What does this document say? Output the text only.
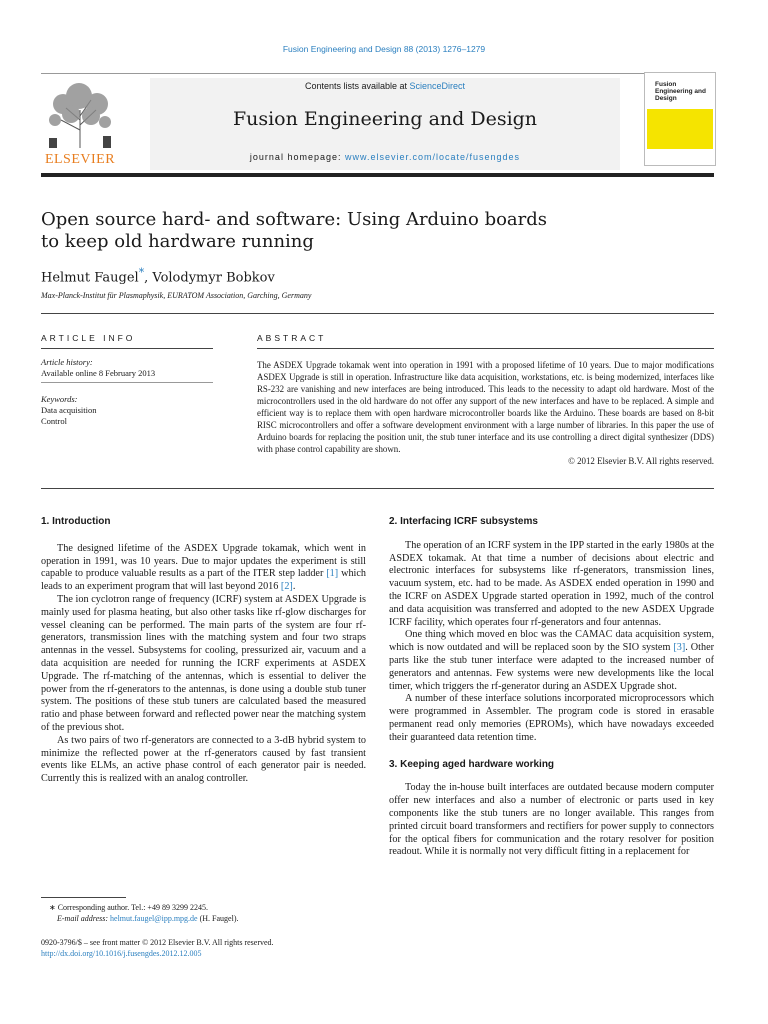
Fusion Engineering and Design 88 (2013) 1276–1279
ELSEVIER
Contents lists available at ScienceDirect
Fusion Engineering and Design
journal homepage: www.elsevier.com/locate/fusengdes
Fusion Engineering and Design
Open source hard- and software: Using Arduino boards
to keep old hardware running
Helmut Faugel*, Volodymyr Bobkov
Max-Planck-Institut für Plasmaphysik, EURATOM Association, Garching, Germany
ARTICLE INFO	ABSTRACT
Article history:
Available online 8 February 2013
Keywords:
Data acquisition
Control
The ASDEX Upgrade tokamak went into operation in 1991 with a proposed lifetime of 10 years. Due to major modifications ASDEX Upgrade is still in operation. Infrastructure like data acquisition, workstations, etc. is being modernized, interfaces like RS-232 are vanishing and new interfaces are being introduced. This leads to the necessity to adapt old hardware. Most of the microcontrollers used in the old hardware do not offer any support of the new interfaces and have to be replaced. A simple and efficient way is to replace them with open hardware microcontroller boards like the Arduino. These boards are based on 8-bit RISC microcontrollers and offer a software development environment with a large number of libraries. In this paper the use of Arduino boards for replacing the position unit, the stub tuner interface and its use controlling a direct digital synthesizer (DDS) with phase control capability are shown.
© 2012 Elsevier B.V. All rights reserved.
1. Introduction

The designed lifetime of the ASDEX Upgrade tokamak, which went in operation in 1991, was 10 years. Due to major updates the experiment is still capable to produce valuable results as a part of the ITER step ladder [1] which leads to an experiment program that will last beyond 2016 [2].

The ion cyclotron range of frequency (ICRF) system at ASDEX Upgrade is mainly used for plasma heating, but also other tasks like rf-glow discharges for vessel cleaning can be performed. The main parts of the system are four rf-generators, transmission lines with the matching system and four two straps antennas in the vessel. Subsystems for cooling, pressurized air, vacuum and a data acquisition are needed for running the ICRF experiments at ASDEX Upgrade. The rf-matching of the antennas, which is essential to deliver the power from the rf-generators to the antennas, is done using a double stub tuner system. The positions of these stub tuners are calculated based the measured ratio and phase between forward and reflected power near the matching system of the previous shot.

As two pairs of two rf-generators are connected to a 3-dB hybrid system to minimize the reflected power at the rf-generators caused by fast transient events like ELMs, an active phase control of each generator pair is needed. Currently this is realized with an analog controller.

2. Interfacing ICRF subsystems

The operation of an ICRF system in the IPP started in the early 1980s at the ASDEX tokamak. At that time a number of decisions about electric and electronic interfaces for subsystems like rf-generators, transmission lines, vacuum system, etc. had to be made. As ASDEX ended operation in 1990 and the ICRF on ASDEX Upgrade started operation in 1992, much of the control and data acquisition was transferred and adopted to the new ASDEX Upgrade ICRF facility, which operates four rf-generators and four antennas.

One thing which moved en bloc was the CAMAC data acquisition system, which is now outdated and will be replaced soon by the SIO system [3]. Other parts like the stub tuner interface were adapted to the increased number of generators and antennas. Few systems were new developments like the local timer, which triggers the rf-generator during an ASDEX Upgrade shot.

A number of these interface solutions incorporated microprocessors which were programmed in Assembler. The program code is stored in erasable permanent read only memories (EPROMs), which have nowadays exceeded their guaranteed data retention time.

3. Keeping aged hardware working

Today the in-house built interfaces are outdated because modern computer offer new interfaces and also a number of electronic or parts used in key components like the stub tuners are no longer available. This ranges from printed circuit board transformers and rectifiers for power supply to connectors for the optical fibers for communication and the rotary resolver for position readout. While it is normally not very difficult fitting in a replacement for

∗ Corresponding author. Tel.: +49 89 3299 2245.
E-mail address: helmut.faugel@ipp.mpg.de (H. Faugel).
0920-3796/$ – see front matter © 2012 Elsevier B.V. All rights reserved.
http://dx.doi.org/10.1016/j.fusengdes.2012.12.005
